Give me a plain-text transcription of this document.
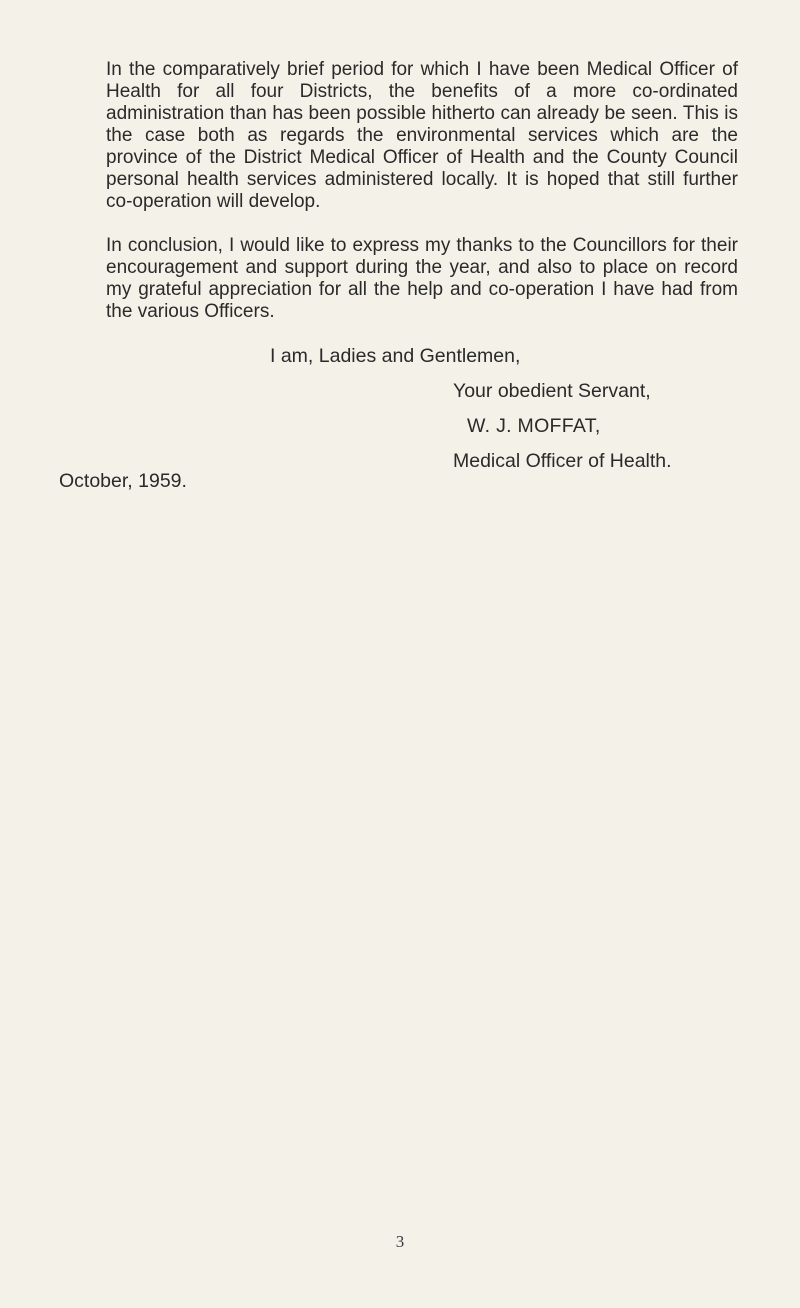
In the comparatively brief period for which I have been Medical Officer of Health for all four Districts, the benefits of a more co-ordinated administration than has been possible hitherto can already be seen. This is the case both as regards the environmental services which are the province of the District Medical Officer of Health and the County Council personal health services administered locally. It is hoped that still further co-operation will develop.

In conclusion, I would like to express my thanks to the Councillors for their encouragement and support during the year, and also to place on record my grateful appreciation for all the help and co-operation I have had from the various Officers.

I am, Ladies and Gentlemen,

Your obedient Servant,

W. J. MOFFAT,

Medical Officer of Health.

October, 1959.

3
